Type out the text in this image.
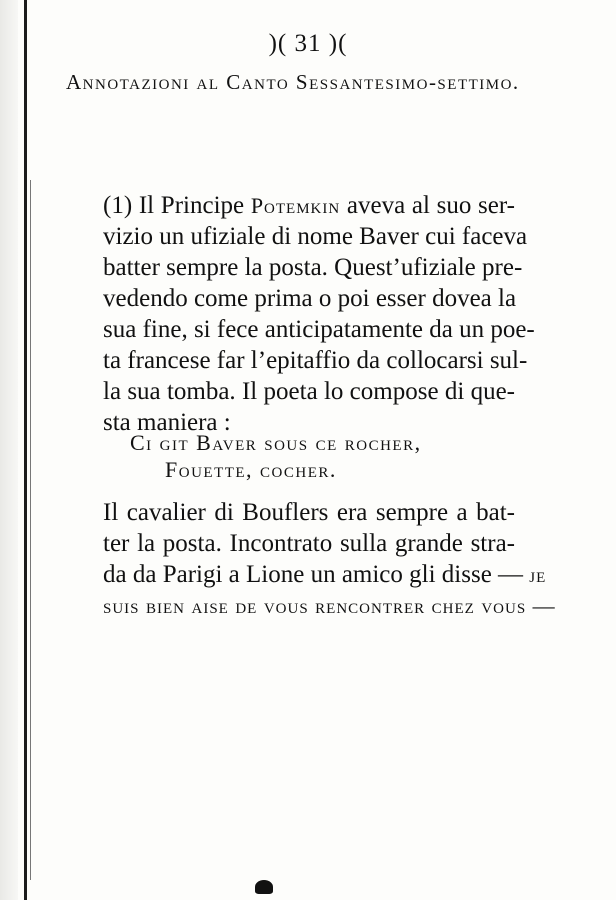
)( 31 )(
Annotazioni al Canto Sessantesimo-settimo.
(1) Il Principe Potemkin aveva al suo ser-
vizio un ufiziale di nome Baver cui faceva
batter sempre la posta. Quest’ufiziale pre-
vedendo come prima o poi esser dovea la
sua fine, si fece anticipatamente da un poe-
ta francese far l’epitaffio da collocarsi sul-
la sua tomba. Il poeta lo compose di que-
sta maniera :
Ci git Baver sous ce rocher,
Fouette, cocher.
Il cavalier di Bouflers era sempre a bat-
ter la posta. Incontrato sulla grande stra-
da da Parigi a Lione un amico gli disse — je
suis bien aise de vous rencontrer chez vous —
